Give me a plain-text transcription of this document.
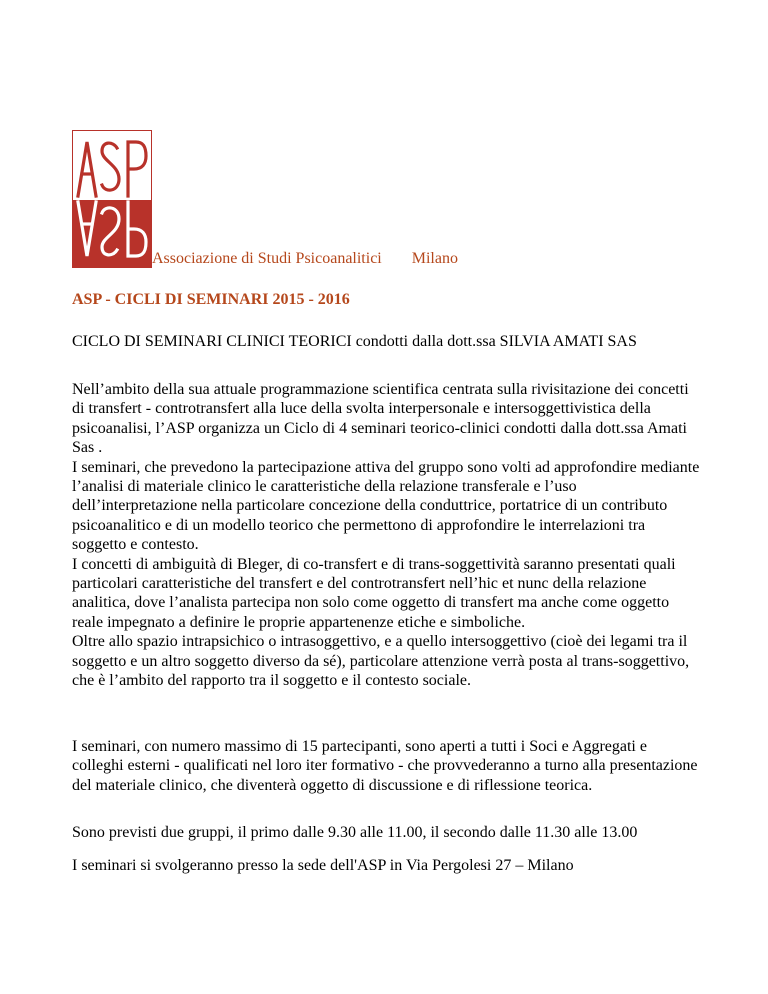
Associazione di Studi Psicoanalitici Milano
ASP - CICLI DI SEMINARI 2015 - 2016
CICLO DI SEMINARI CLINICI TEORICI condotti dalla dott.ssa SILVIA AMATI SAS

Nell’ambito della sua attuale programmazione scientifica centrata sulla rivisitazione dei concetti di transfert - controtransfert alla luce della svolta interpersonale e intersoggettivistica della psicoanalisi, l’ASP organizza un Ciclo di 4 seminari teorico-clinici condotti dalla dott.ssa Amati Sas .

I seminari, che prevedono la partecipazione attiva del gruppo sono volti ad approfondire mediante l’analisi di materiale clinico le caratteristiche della relazione transferale e l’uso dell’interpretazione nella particolare concezione della conduttrice, portatrice di un contributo psicoanalitico e di un modello teorico che permettono di approfondire le interrelazioni tra soggetto e contesto.

I concetti di ambiguità di Bleger, di co-transfert e di trans-soggettività saranno presentati quali particolari caratteristiche del transfert e del controtransfert nell’hic et nunc della relazione analitica, dove l’analista partecipa non solo come oggetto di transfert ma anche come oggetto reale impegnato a definire le proprie appartenenze etiche e simboliche.

Oltre allo spazio intrapsichico o intrasoggettivo, e a quello intersoggettivo (cioè dei legami tra il soggetto e un altro soggetto diverso da sé), particolare attenzione verrà posta al trans-soggettivo, che è l’ambito del rapporto tra il soggetto e il contesto sociale.

I seminari, con numero massimo di 15 partecipanti, sono aperti a tutti i Soci e Aggregati e colleghi esterni - qualificati nel loro iter formativo - che provvederanno a turno alla presentazione del materiale clinico, che diventerà oggetto di discussione e di riflessione teorica.

Sono previsti due gruppi, il primo dalle 9.30 alle 11.00, il secondo dalle 11.30 alle 13.00

I seminari si svolgeranno presso la sede dell'ASP in Via Pergolesi 27 – Milano
